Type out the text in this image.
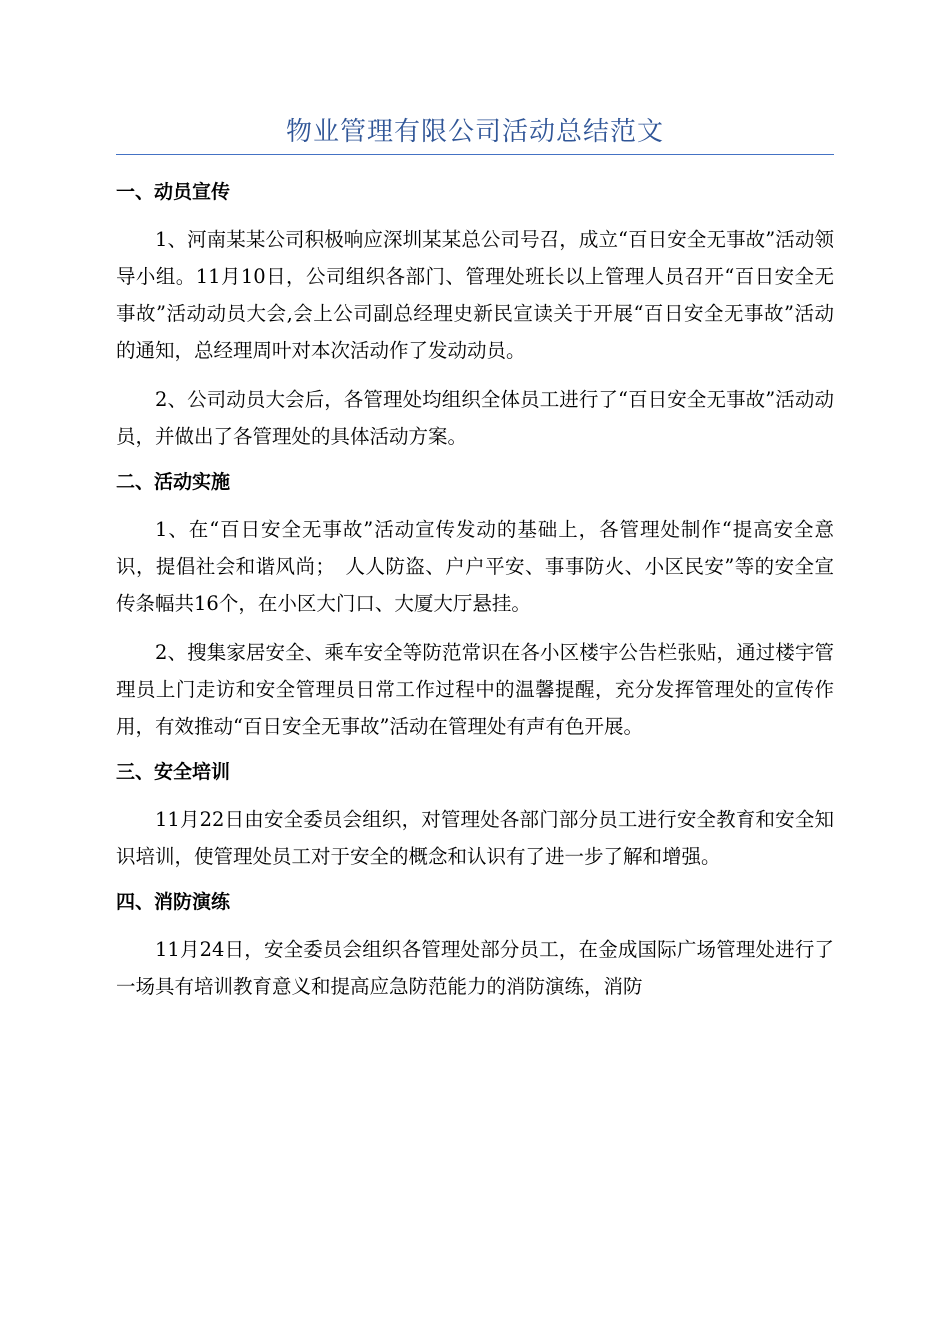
物业管理有限公司活动总结范文
一、动员宣传

1、河南某某公司积极响应深圳某某总公司号召，成立“百日安全无事故”活动领导小组。11月10日，公司组织各部门、管理处班长以上管理人员召开“百日安全无事故”活动动员大会,会上公司副总经理史新民宣读关于开展“百日安全无事故”活动的通知，总经理周叶对本次活动作了发动动员。

2、公司动员大会后，各管理处均组织全体员工进行了“百日安全无事故”活动动员，并做出了各管理处的具体活动方案。

二、活动实施

1、在“百日安全无事故”活动宣传发动的基础上，各管理处制作“提高安全意识，提倡社会和谐风尚；　人人防盗、户户平安、事事防火、小区民安”等的安全宣传条幅共16个，在小区大门口、大厦大厅悬挂。

2、搜集家居安全、乘车安全等防范常识在各小区楼宇公告栏张贴，通过楼宇管理员上门走访和安全管理员日常工作过程中的温馨提醒，充分发挥管理处的宣传作用，有效推动“百日安全无事故”活动在管理处有声有色开展。

三、安全培训

11月22日由安全委员会组织，对管理处各部门部分员工进行安全教育和安全知识培训，使管理处员工对于安全的概念和认识有了进一步了解和增强。

四、消防演练

11月24日，安全委员会组织各管理处部分员工，在金成国际广场管理处进行了一场具有培训教育意义和提高应急防范能力的消防演练，消防
